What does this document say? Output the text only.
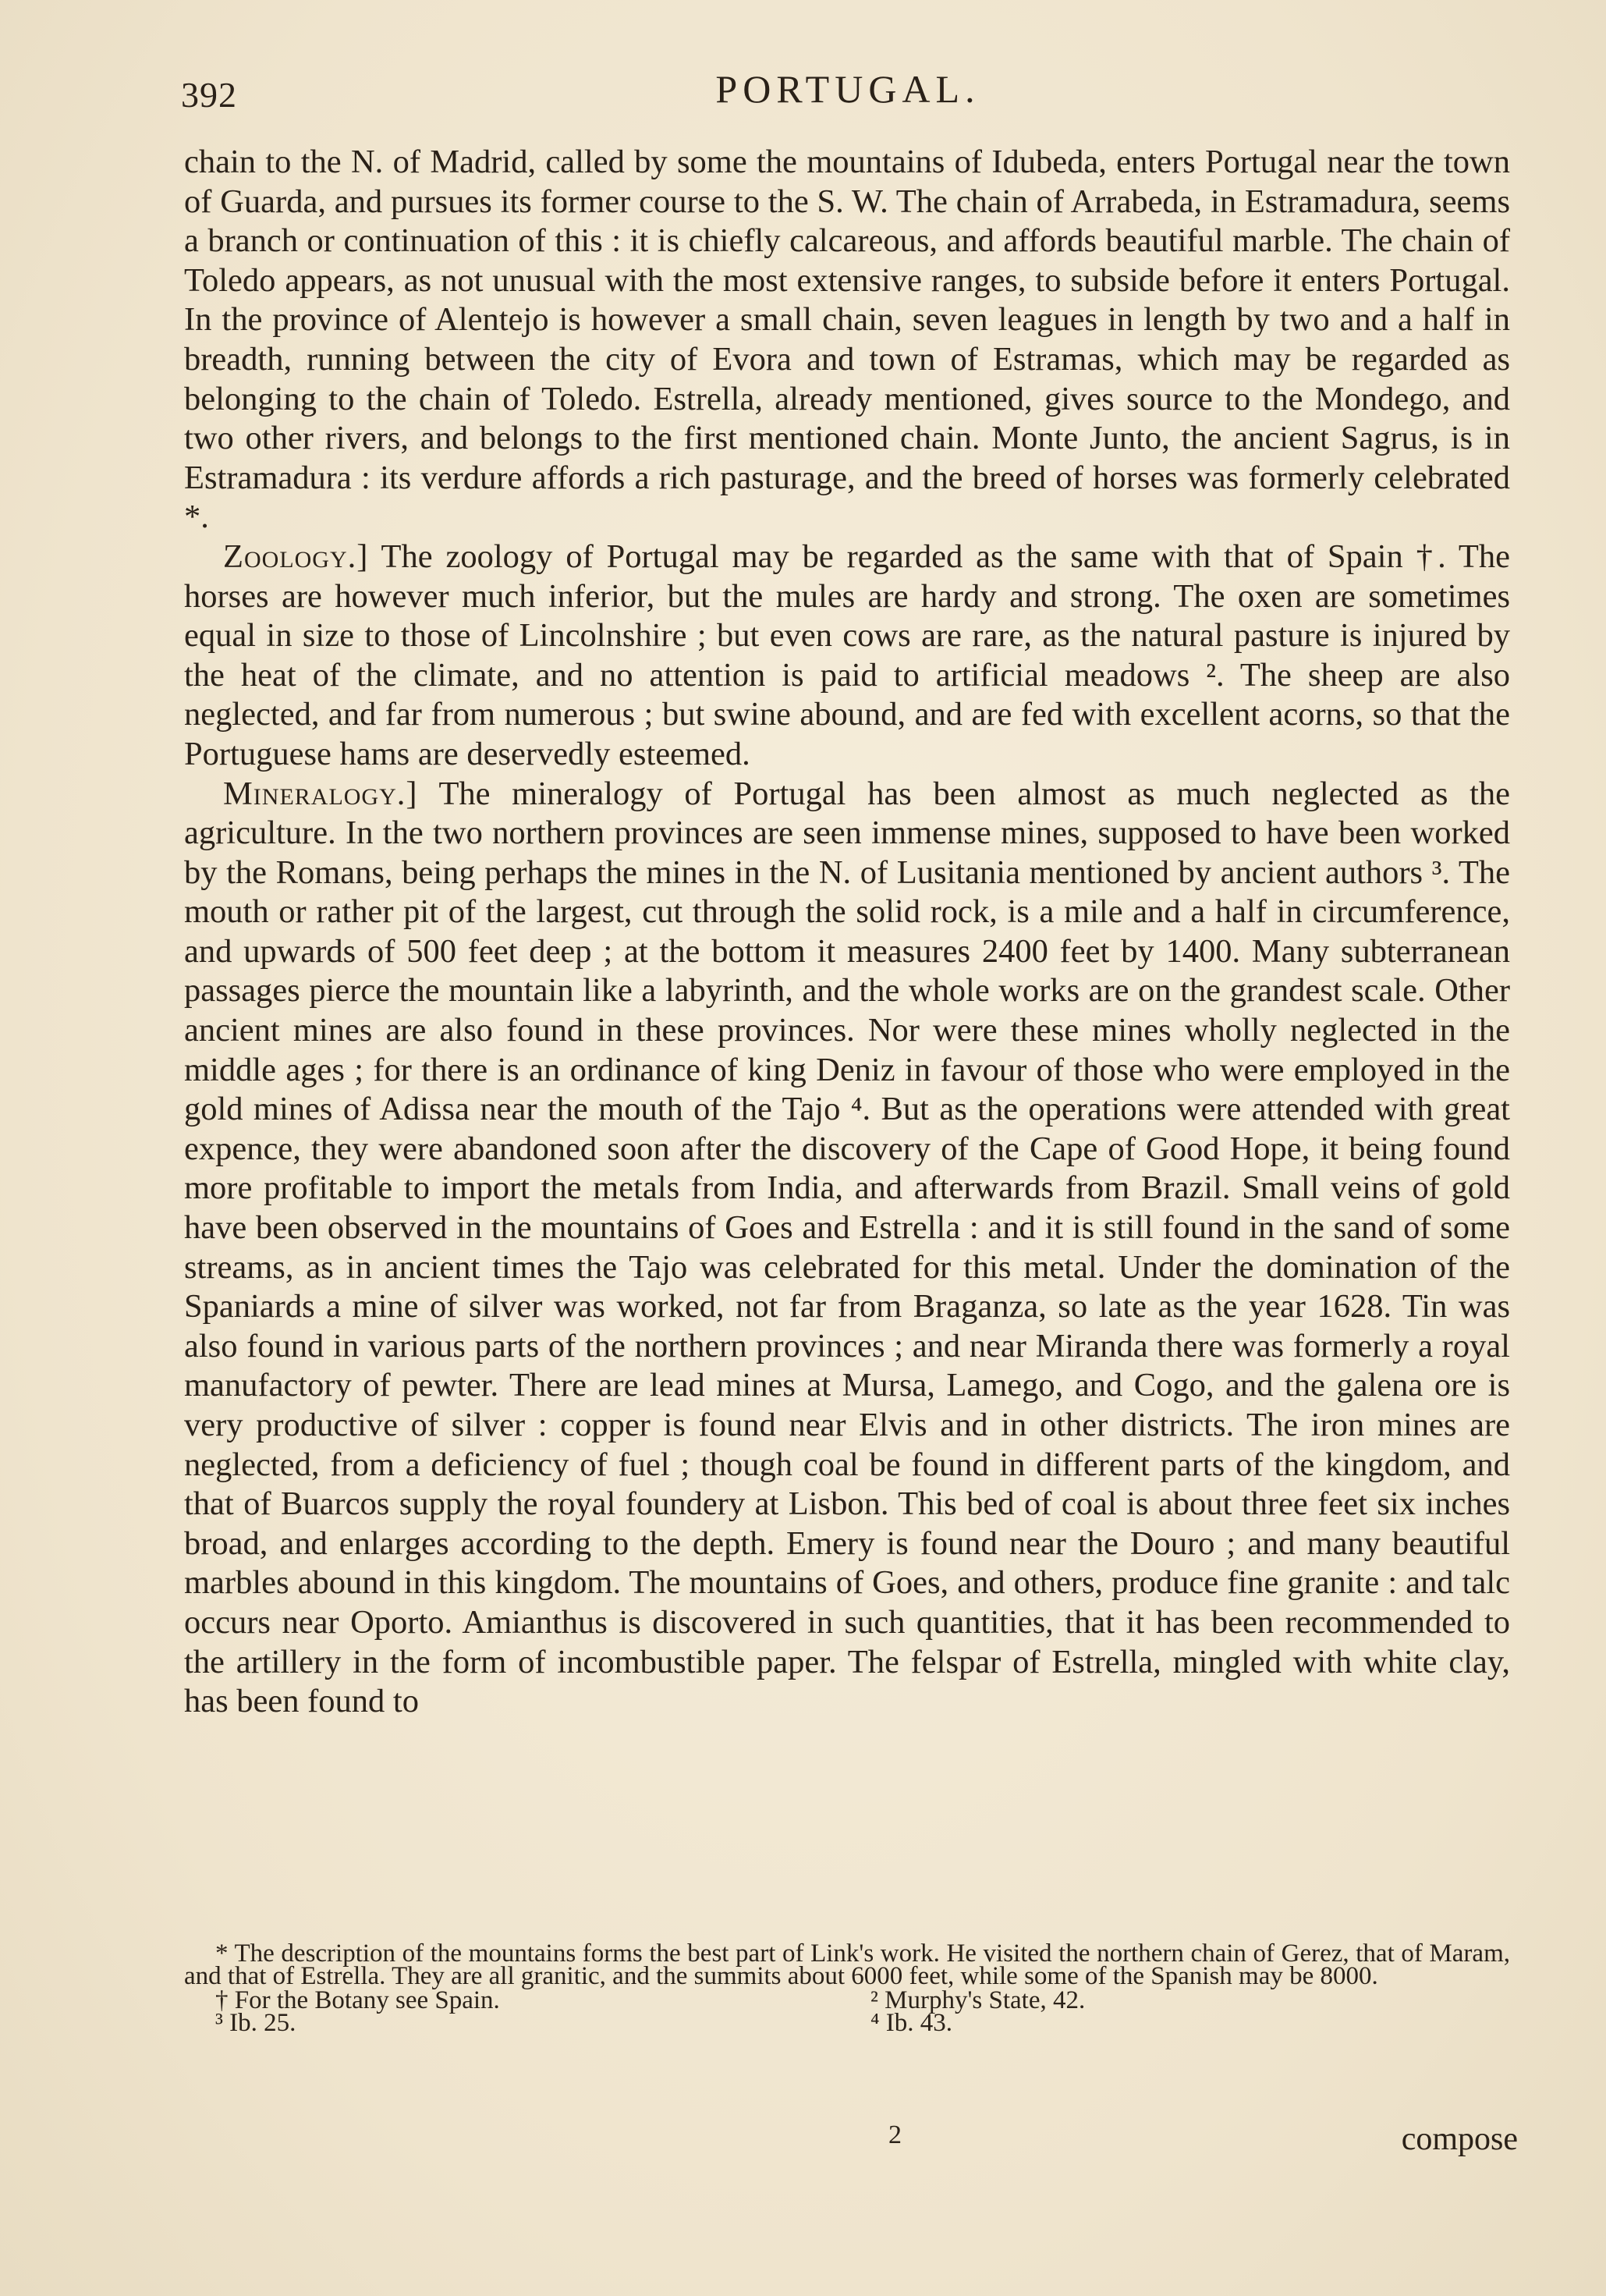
392	PORTUGAL.

chain to the N. of Madrid, called by some the mountains of Idubeda, enters Portugal near the town of Guarda, and pursues its former course to the S. W. The chain of Arrabeda, in Estramadura, seems a branch or continuation of this : it is chiefly calcareous, and affords beautiful marble. The chain of Toledo appears, as not unusual with the most extensive ranges, to subside before it enters Portugal. In the province of Alentejo is however a small chain, seven leagues in length by two and a half in breadth, running between the city of Evora and town of Estramas, which may be regarded as belonging to the chain of Toledo. Estrella, already mentioned, gives source to the Mondego, and two other rivers, and belongs to the first mentioned chain. Monte Junto, the ancient Sagrus, is in Estramadura : its verdure affords a rich pasturage, and the breed of horses was formerly celebrated *.

Zoology.] The zoology of Portugal may be regarded as the same with that of Spain †. The horses are however much inferior, but the mules are hardy and strong. The oxen are sometimes equal in size to those of Lincolnshire ; but even cows are rare, as the natural pasture is injured by the heat of the climate, and no attention is paid to artificial meadows ². The sheep are also neglected, and far from numerous ; but swine abound, and are fed with excellent acorns, so that the Portuguese hams are deservedly esteemed.

Mineralogy.] The mineralogy of Portugal has been almost as much neglected as the agriculture. In the two northern provinces are seen immense mines, supposed to have been worked by the Romans, being perhaps the mines in the N. of Lusitania mentioned by ancient authors ³. The mouth or rather pit of the largest, cut through the solid rock, is a mile and a half in circumference, and upwards of 500 feet deep ; at the bottom it measures 2400 feet by 1400. Many subterranean passages pierce the mountain like a labyrinth, and the whole works are on the grandest scale. Other ancient mines are also found in these provinces. Nor were these mines wholly neglected in the middle ages ; for there is an ordinance of king Deniz in favour of those who were employed in the gold mines of Adissa near the mouth of the Tajo ⁴. But as the operations were attended with great expence, they were abandoned soon after the discovery of the Cape of Good Hope, it being found more profitable to import the metals from India, and afterwards from Brazil. Small veins of gold have been observed in the mountains of Goes and Estrella : and it is still found in the sand of some streams, as in ancient times the Tajo was celebrated for this metal. Under the domination of the Spaniards a mine of silver was worked, not far from Braganza, so late as the year 1628. Tin was also found in various parts of the northern provinces ; and near Miranda there was formerly a royal manufactory of pewter. There are lead mines at Mursa, Lamego, and Cogo, and the galena ore is very productive of silver : copper is found near Elvis and in other districts. The iron mines are neglected, from a deficiency of fuel ; though coal be found in different parts of the kingdom, and that of Buarcos supply the royal foundery at Lisbon. This bed of coal is about three feet six inches broad, and enlarges according to the depth. Emery is found near the Douro ; and many beautiful marbles abound in this kingdom. The mountains of Goes, and others, produce fine granite : and talc occurs near Oporto. Amianthus is discovered in such quantities, that it has been recommended to the artillery in the form of incombustible paper. The felspar of Estrella, mingled with white clay, has been found to

* The description of the mountains forms the best part of Link's work. He visited the northern chain of Gerez, that of Maram, and that of Estrella. They are all granitic, and the summits about 6000 feet, while some of the Spanish may be 8000.

† For the Botany see Spain.	² Murphy's State, 42.
³ Ib. 25.	⁴ Ib. 43.
2	compose
